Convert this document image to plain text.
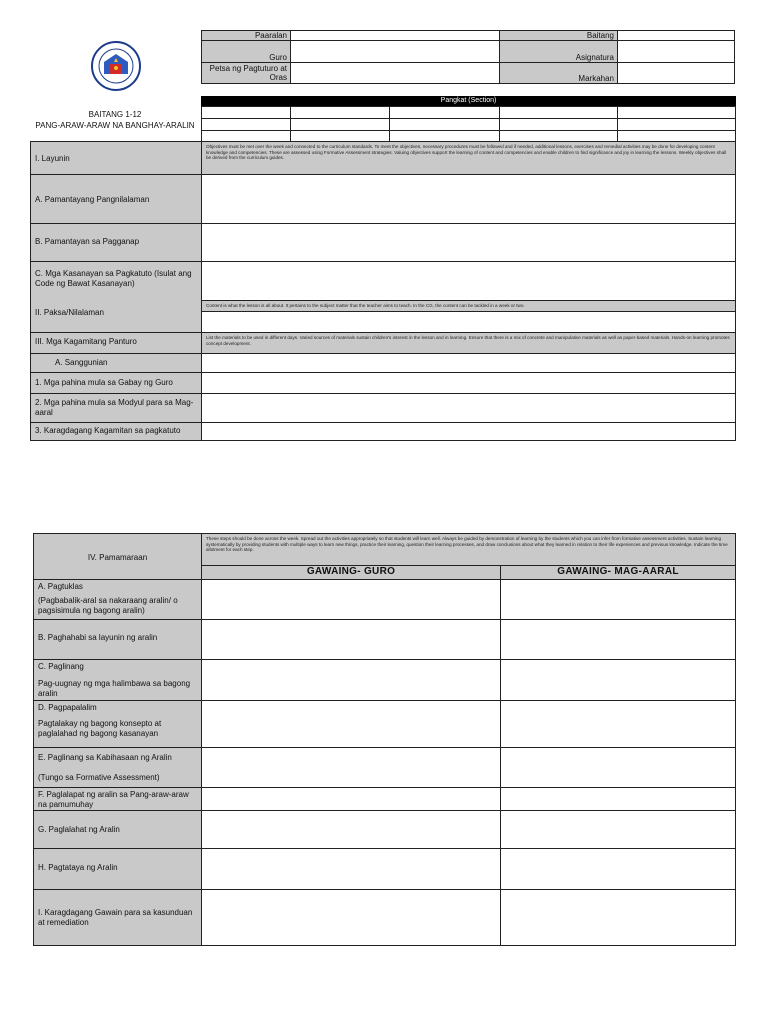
Paaralan	Baitang
Guro	Asignatura
Petsa ng Pagtuturo at Oras	Markahan
BAITANG 1-12
PANG-ARAW-ARAW NA BANGHAY-ARALIN
Pangkat (Section)
I. Layunin
Objectives must be met over the week and connected to the curriculum standards. To meet the objectives, necessary procedures must be followed and if needed, additional lessons, exercises and remedial activities may be done for developing content knowledge and competencies. These are assessed using Formative Assessment strategies. Valuing objectives support the learning of content and competencies and enable children to find significance and joy in learning the lessons. Weekly objectives shall be derived from the curriculum guides.
A. Pamantayang Pangnilalaman
B. Pamantayan sa Pagganap
C. Mga Kasanayan sa Pagkatuto (Isulat ang Code ng Bawat Kasanayan)
II. Paksa/Nilalaman
Content is what the lesson is all about. It pertains to the subject matter that the teacher aims to teach. In the CG, the content can be tackled in a week or two.
III. Mga Kagamitang Panturo	List the materials to be used in different days. Varied sources of materials sustain children's interest in the lesson and in learning. Ensure that there is a mix of concrete and manipulative materials as well as paper-based materials. Hands-on learning promotes concept development.
A. Sanggunian
1. Mga pahina mula sa Gabay ng Guro
2. Mga pahina mula sa Modyul para sa Mag-aaral
3. Karagdagang Kagamitan sa pagkatuto
IV. Pamamaraan
These steps should be done across the week. Spread out the activities appropriately so that students will learn well. Always be guided by demonstration of learning by the students which you can infer from formative assessment activities. Sustain learning systematically by providing students with multiple ways to learn new things, practice their learning, question their learning processes, and draw conclusions about what they learned in relation to their life experiences and previous knowledge. Indicate the time allotment for each step.
GAWAING- GURO	GAWAING- MAG-AARAL
A. Pagtuklas
(Pagbabalik-aral sa nakaraang aralin/ o pagsisimula ng bagong aralin)
B. Paghahabi sa layunin ng aralin
C. Paglinang
Pag-uugnay ng mga halimbawa sa bagong aralin
D. Pagpapalalim
Pagtalakay ng bagong konsepto at paglalahad ng bagong kasanayan
E. Paglinang sa Kabihasaan ng Aralin
(Tungo sa Formative Assessment)
F. Paglalapat ng aralin sa Pang-araw-araw na pamumuhay
G. Paglalahat ng Aralin
H. Pagtataya ng Aralin
I. Karagdagang Gawain para sa kasunduan at remediation
